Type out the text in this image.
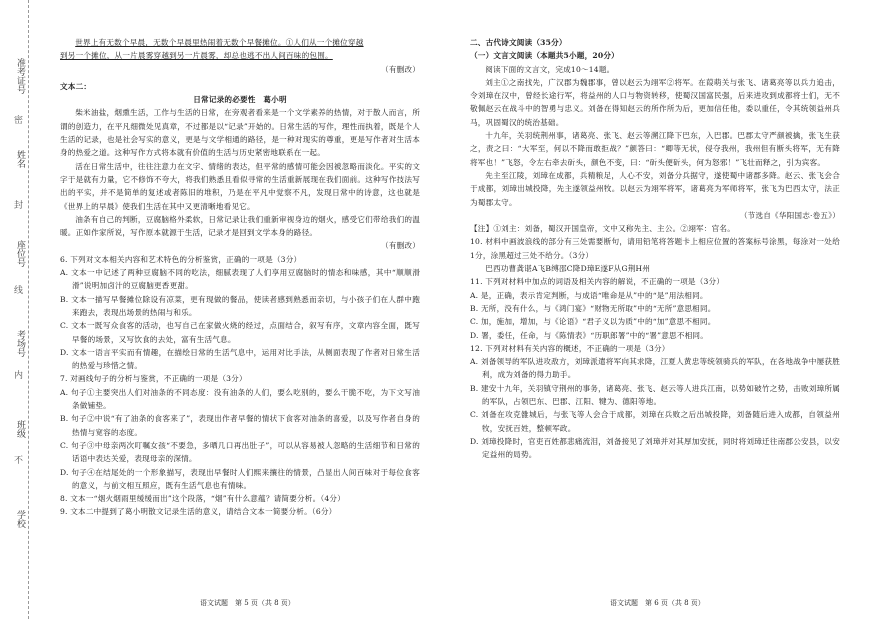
准考证号
姓名
座位号
考场号
班级
学校
密
封
线
内
不

世界上有无数个早晨，无数个早晨里热闹着无数个早餐摊位。①人们从一个摊位穿越

到另一个摊位，从一片晨雾穿越到另一片晨雾，却总也逃不出人间百味的包围。

（有删改）

文本二：

日常记录的必要性　葛小明

柴米油盐，烟熏生活，工作与生活的日常，在旁观者看来是一个文学素养的热情，对于散人而言，所谓的创造力，在平凡细微处见真章，不过都是以“记录”开始的。日常生活的写作，理性而执着，既是个人生活的记录，也是社会写实的意义，更是与文学相通的路径，是一种对现实的尊重，更是写作者对生活本身的热爱之道。这种写作方式将本就有价值的生活与历史紧密地联系在一起。

活在日常生活中，往往注意力在文字、情绪的表达，但平常的感情可能会因被忽略而淡化。平实的文字于是就有力量，它不修饰不夸大，将我们熟悉且看似寻常的生活重新展现在我们面前。这种写作技法写出的平实，并不是简单的复述或者陈旧的堆积，乃是在平凡中觉察不凡，发现日常中的诗意，这也就是《世界上的早晨》使我们生活在其中又更清晰地看见它。

油条有自己的判断，豆腐脑格外柔软，日常记录让我们重新审视身边的烟火，感受它们带给我们的温暖。正如作家所说，写作原本就源于生活，记录才是回到文学本身的路径。

（有删改）

6. 下列对文本相关内容和艺术特色的分析鉴赏，正确的一项是（3分）

A. 文本一中记述了两种豆腐脑不同的吃法，细腻表现了人们享用豆腐脑时的情态和味感，其中“顺顺滑滑”说明加卤汁的豆腐脑更香更甜。

B. 文本一描写早餐摊位除设有凉菜，更有现做的餐品，使读者感到熟悉而亲切，与小孩子们在人群中跑来跑去，表现出场景的热闹与和乐。

C. 文本一既写众食客的活动，也写自己在家做火烧的经过，点面结合，叙写有序，文章内容全面，既写早餐的场景，又写饮食的去处，富有生活气息。

D. 文本一语言平实而有情趣，在描绘日常的生活气息中，运用对比手法，从侧面表现了作者对日常生活的热爱与珍惜之情。

7. 对画线句子的分析与鉴赏，不正确的一项是（3分）

A. 句子①主要突出人们对油条的不同态度：没有油条的人们，要么吃别的，要么干脆不吃，为下文写油条做铺垫。

B. 句子②中说“有了油条的食客来了”，表现出作者早餐的情状下食客对油条的喜爱，以及写作者自身的热情与宽容的态度。

C. 句子③中母亲两次叮嘱女孩“不要急，多晒几口再出肚子”，可以从容易被人忽略的生活细节和日常的话语中表达关爱，表现母亲的深情。

D. 句子④在结尾处的一个形象描写，表现出早餐时人们熙来攘往的情景，凸显出人间百味对于每位食客的意义，与前文相互照应，既有生活气息也有情味。

8. 文本一“烟火烟雨里缓缓而出”这个段落，“烟”有什么意蕴？请简要分析。（4分）

9. 文本二中提到了葛小明散文记录生活的意义，请结合文本一简要分析。（6分）

语文试题　第 5 页（共 8 页）

二、古代诗文阅读（35分）

（一）文言文阅读（本题共5小题，20分）

阅读下面的文言文，完成10～14题。

刘主①之南找先，广汉郡为魏郡事，曾以赵云为翊军②将军。在葭萌关与张飞、诸葛亮等以兵力追击，令刘璋在汉中，曾经长途行军，将益州的人口与物资转移，使蜀汉国富民强，后来进攻到成都将士们，无不敬佩赵云在战斗中的智勇与忠义。刘备在得知赵云的所作所为后，更加信任他，委以重任，令其统领益州兵马，巩固蜀汉的统治基础。

十九年，关羽统荆州事，诸葛亮、张飞、赵云等溯江降下巴东，入巴郡。巴郡太守严颜被擒，张飞生获之，责之曰：“大军至，何以不降而敢拒战？”颜答曰：“卿等无状，侵夺我州，我州但有断头将军，无有降将军也！”飞怒，令左右牵去斫头，颜色不变，曰：“斫头便斫头，何为怒邪！”飞壮而释之，引为宾客。

先主至江陵，刘璋在成都，兵精粮足，人心不安，刘备分兵据守，遂使蜀中诸郡多降。赵云、张飞会合于成都，刘璋出城投降，先主遂领益州牧。以赵云为翊军将军，诸葛亮为军师将军，张飞为巴西太守，法正为蜀郡太守。

（节选自《华阳国志·卷五》）

【注】①刘主：刘备，蜀汉开国皇帝，文中又称先主、主公。②翊军：官名。

10. 材料中画波浪线的部分有三处需要断句，请用铅笔将答题卡上相应位置的答案标号涂黑，每涂对一处给1分，涂黑超过三处不给分。（3分）

巴西功曹龚谌A飞B缚邵C降D璋E遂F从G荆H州

11. 下列对材料中加点的词语及相关内容的解说，不正确的一项是（3分）

A. 是，正确，表示肯定判断，与成语“唯命是从”中的“是”用法相同。

B. 无所，没有什么，与《鸿门宴》“财物无所取”中的“无所”意思相同。

C. 加，施加，增加，与《论语》“君子义以为质”中的“加”意思不相同。

D. 署，委任，任命，与《陈情表》“历职郎署”中的“署”意思不相同。

12. 下列对材料有关内容的概述，不正确的一项是（3分）

A. 刘备领导的军队进攻敌方，刘璋派遣将军向其求降，江夏人黄忠等统领骑兵的军队，在各地战争中屡获胜利，成为刘备的得力助手。

B. 建安十九年，关羽镇守荆州的事务，诸葛亮、张飞、赵云等人进兵江南，以势如破竹之势，击败刘璋所属的军队，占领巴东、巴郡、江阳、犍为、德阳等地。

C. 刘备在攻克雒城后，与张飞等人会合于成都，刘璋在兵败之后出城投降，刘备随后进入成都，自领益州牧，安抚百姓，整顿军政。

D. 刘璋投降时，官吏百姓都悲痛流泪，刘备接见了刘璋并对其厚加安抚，同时将刘璋迁往南郡公安县，以安定益州的局势。

语文试题　第 6 页（共 8 页）
